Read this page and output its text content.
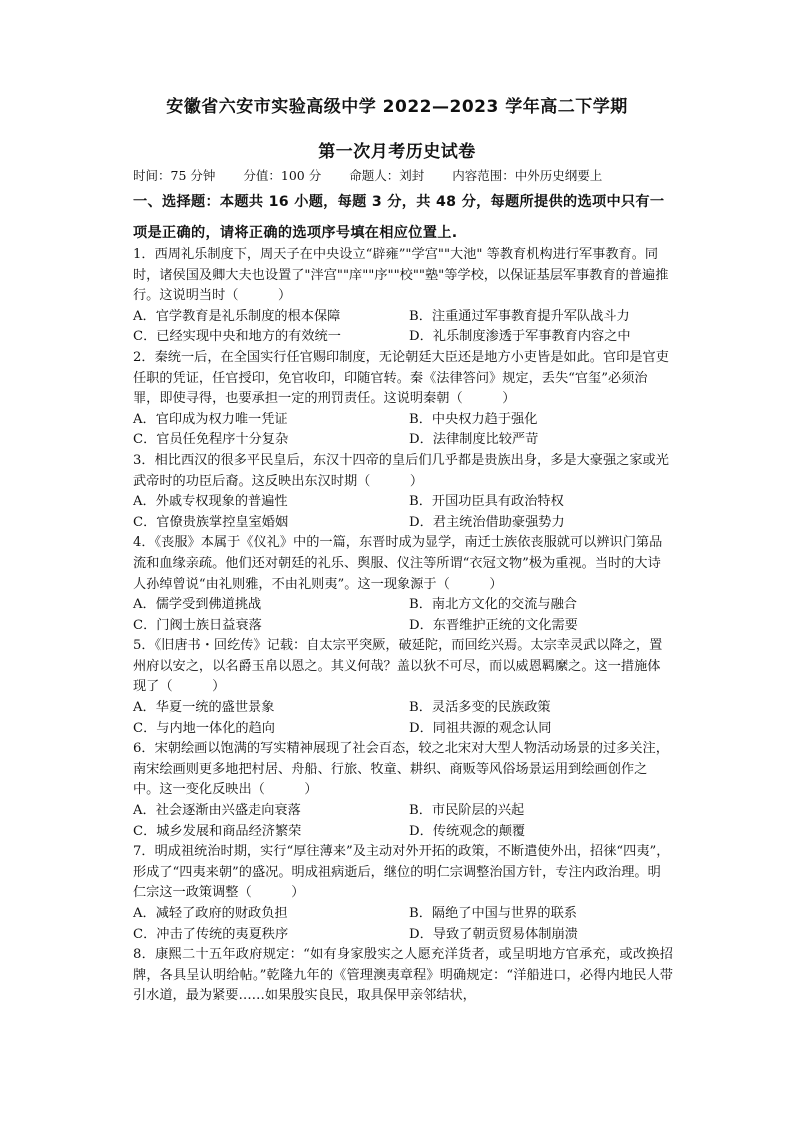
安徽省六安市实验高级中学 2022—2023 学年高二下学期
第一次月考历史试卷
时间：75 分钟 分值：100 分 命题人：刘封 内容范围：中外历史纲要上
一、选择题：本题共 16 小题，每题 3 分，共 48 分，每题所提供的选项中只有一项是正确的，请将正确的选项序号填在相应位置上.

1．西周礼乐制度下，周天子在中央设立“辟雍”"学宫""大池" 等教育机构进行军事教育。同时，诸侯国及卿大夫也设置了"泮宫""庠""序""校""塾"等学校，以保证基层军事教育的普遍推行。这说明当时（　　　）

A．官学教育是礼乐制度的根本保障	B．注重通过军事教育提升军队战斗力
C．已经实现中央和地方的有效统一	D．礼乐制度渗透于军事教育内容之中

2．秦统一后，在全国实行任官赐印制度，无论朝廷大臣还是地方小吏皆是如此。官印是官吏任职的凭证，任官授印，免官收印，印随官转。秦《法律答问》规定，丢失“官玺”必须治罪，即使寻得，也要承担一定的刑罚责任。这说明秦朝（　　　）

A．官印成为权力唯一凭证	B．中央权力趋于强化
C．官员任免程序十分复杂	D．法律制度比较严苛

3．相比西汉的很多平民皇后，东汉十四帝的皇后们几乎都是贵族出身，多是大豪强之家或光武帝时的功臣后裔。这反映出东汉时期（　　　）

A．外戚专权现象的普遍性	B．开国功臣具有政治特权
C．官僚贵族掌控皇室婚姻	D．君主统治借助豪强势力

4．《丧服》本属于《仪礼》中的一篇，东晋时成为显学，南迁士族依丧服就可以辨识门第品流和血缘亲疏。他们还对朝廷的礼乐、舆服、仪注等所谓“衣冠文物”极为重视。当时的大诗人孙绰曾说“由礼则雅，不由礼则夷”。这一现象源于（　　　）

A．儒学受到佛道挑战	B．南北方文化的交流与融合
C．门阀士族日益衰落	D．东晋维护正统的文化需要

5．《旧唐书・回纥传》记载：自太宗平突厥，破延陀，而回纥兴焉。太宗幸灵武以降之，置州府以安之，以名爵玉帛以恩之。其义何哉？盖以狄不可尽，而以威恩羁縻之。这一措施体现了（　　　）

A．华夏一统的盛世景象	B．灵活多变的民族政策
C．与内地一体化的趋向	D．同祖共源的观念认同

6．宋朝绘画以饱满的写实精神展现了社会百态，较之北宋对大型人物活动场景的过多关注，南宋绘画则更多地把村居、舟船、行旅、牧童、耕织、商贩等风俗场景运用到绘画创作之中。这一变化反映出（　　　）

A．社会逐渐由兴盛走向衰落	B．市民阶层的兴起
C．城乡发展和商品经济繁荣	D．传统观念的颠覆

7．明成祖统治时期，实行“厚往薄来”及主动对外开拓的政策，不断遣使外出，招徕“四夷”，形成了“四夷来朝”的盛况。明成祖病逝后，继位的明仁宗调整治国方针，专注内政治理。明仁宗这一政策调整（　　　）

A．减轻了政府的财政负担	B．隔绝了中国与世界的联系
C．冲击了传统的夷夏秩序	D．导致了朝贡贸易体制崩溃

8．康熙二十五年政府规定：“如有身家殷实之人愿充洋货者，或呈明地方官承充，或改换招牌，各具呈认明给帖。”乾隆九年的《管理澳夷章程》明确规定：“洋船进口，必得内地民人带引水道，最为紧要……如果殷实良民，取具保甲亲邻结状，
